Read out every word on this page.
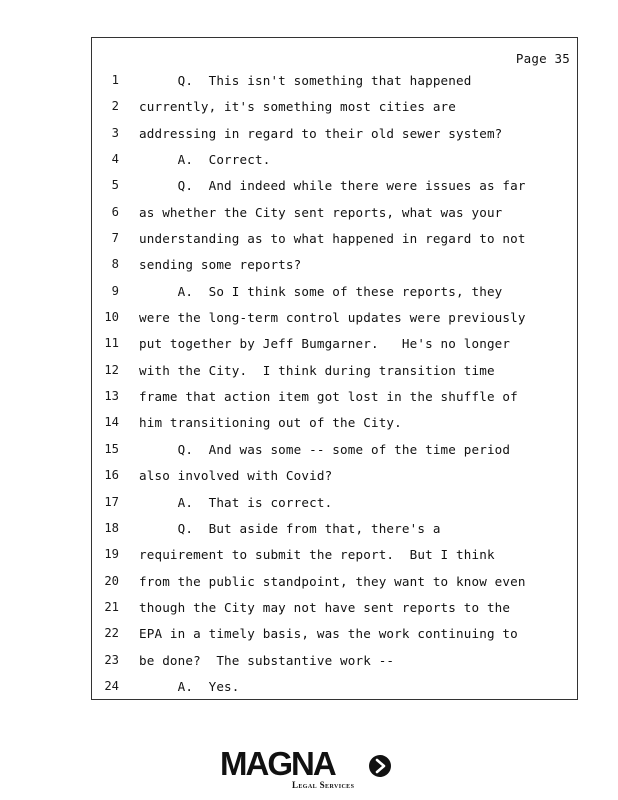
Page 35
1 Q.  This isn't something that happened
2 currently, it's something most cities are
3 addressing in regard to their old sewer system?
4 A.  Correct.
5 Q.  And indeed while there were issues as far
6 as whether the City sent reports, what was your
7 understanding as to what happened in regard to not
8 sending some reports?
9 A.  So I think some of these reports, they
10 were the long-term control updates were previously
11 put together by Jeff Bumgarner.   He's no longer
12 with the City.  I think during transition time
13 frame that action item got lost in the shuffle of
14 him transitioning out of the City.
15 Q.  And was some -- some of the time period
16 also involved with Covid?
17 A.  That is correct.
18 Q.  But aside from that, there's a
19 requirement to submit the report.  But I think
20 from the public standpoint, they want to know even
21 though the City may not have sent reports to the
22 EPA in a timely basis, was the work continuing to
23 be done?  The substantive work --
24 A.  Yes.
MAGNA
Legal Services
